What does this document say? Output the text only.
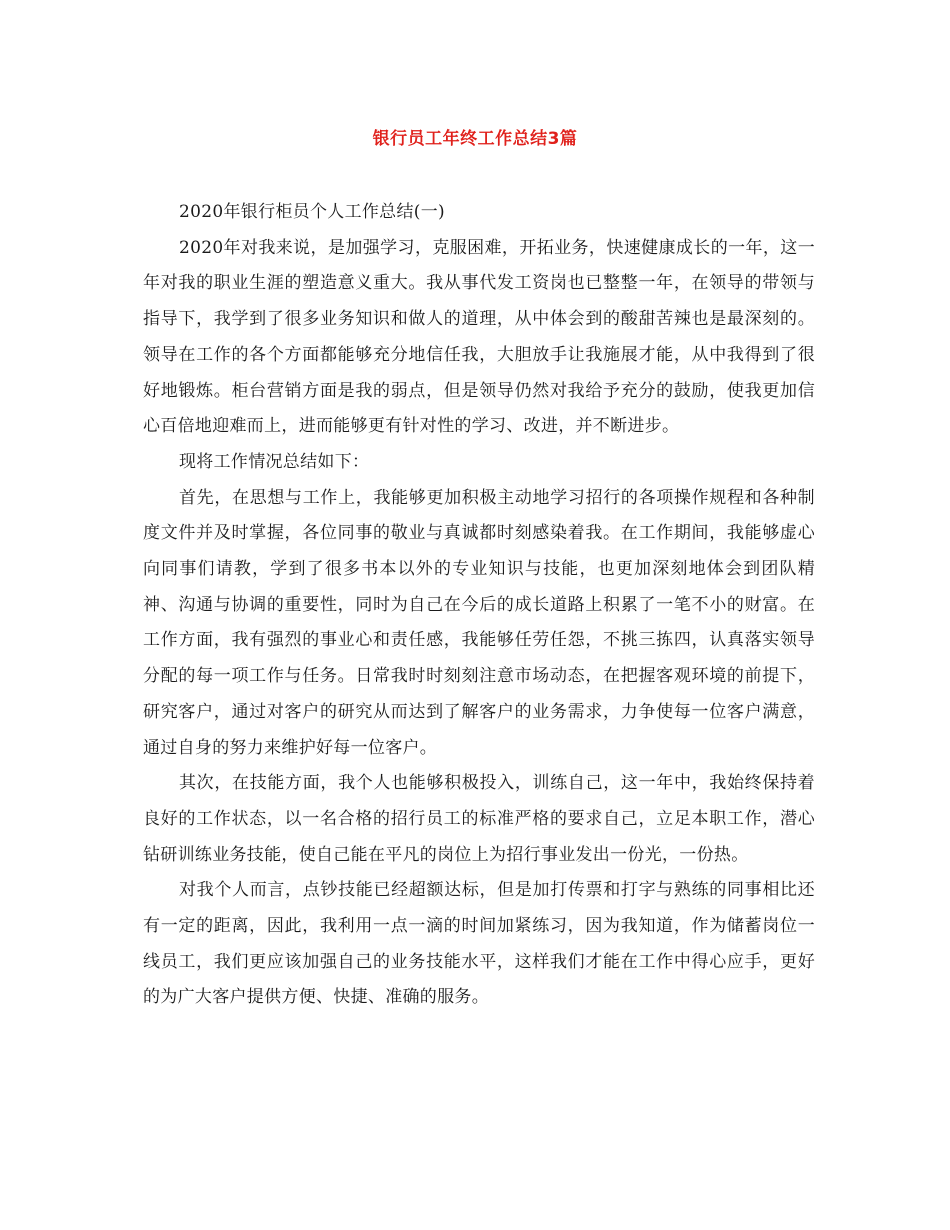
银行员工年终工作总结3篇

2020年银行柜员个人工作总结(一)

2020年对我来说，是加强学习，克服困难，开拓业务，快速健康成长的一年，这一年对我的职业生涯的塑造意义重大。我从事代发工资岗也已整整一年，在领导的带领与指导下，我学到了很多业务知识和做人的道理，从中体会到的酸甜苦辣也是最深刻的。领导在工作的各个方面都能够充分地信任我，大胆放手让我施展才能，从中我得到了很好地锻炼。柜台营销方面是我的弱点，但是领导仍然对我给予充分的鼓励，使我更加信心百倍地迎难而上，进而能够更有针对性的学习、改进，并不断进步。

现将工作情况总结如下：

首先，在思想与工作上，我能够更加积极主动地学习招行的各项操作规程和各种制度文件并及时掌握，各位同事的敬业与真诚都时刻感染着我。在工作期间，我能够虚心向同事们请教，学到了很多书本以外的专业知识与技能，也更加深刻地体会到团队精神、沟通与协调的重要性，同时为自己在今后的成长道路上积累了一笔不小的财富。在工作方面，我有强烈的事业心和责任感，我能够任劳任怨，不挑三拣四，认真落实领导分配的每一项工作与任务。日常我时时刻刻注意市场动态，在把握客观环境的前提下，研究客户，通过对客户的研究从而达到了解客户的业务需求，力争使每一位客户满意，通过自身的努力来维护好每一位客户。

其次，在技能方面，我个人也能够积极投入，训练自己，这一年中，我始终保持着良好的工作状态，以一名合格的招行员工的标准严格的要求自己，立足本职工作，潜心钻研训练业务技能，使自己能在平凡的岗位上为招行事业发出一份光，一份热。

对我个人而言，点钞技能已经超额达标，但是加打传票和打字与熟练的同事相比还有一定的距离，因此，我利用一点一滴的时间加紧练习，因为我知道，作为储蓄岗位一线员工，我们更应该加强自己的业务技能水平，这样我们才能在工作中得心应手，更好的为广大客户提供方便、快捷、准确的服务。
